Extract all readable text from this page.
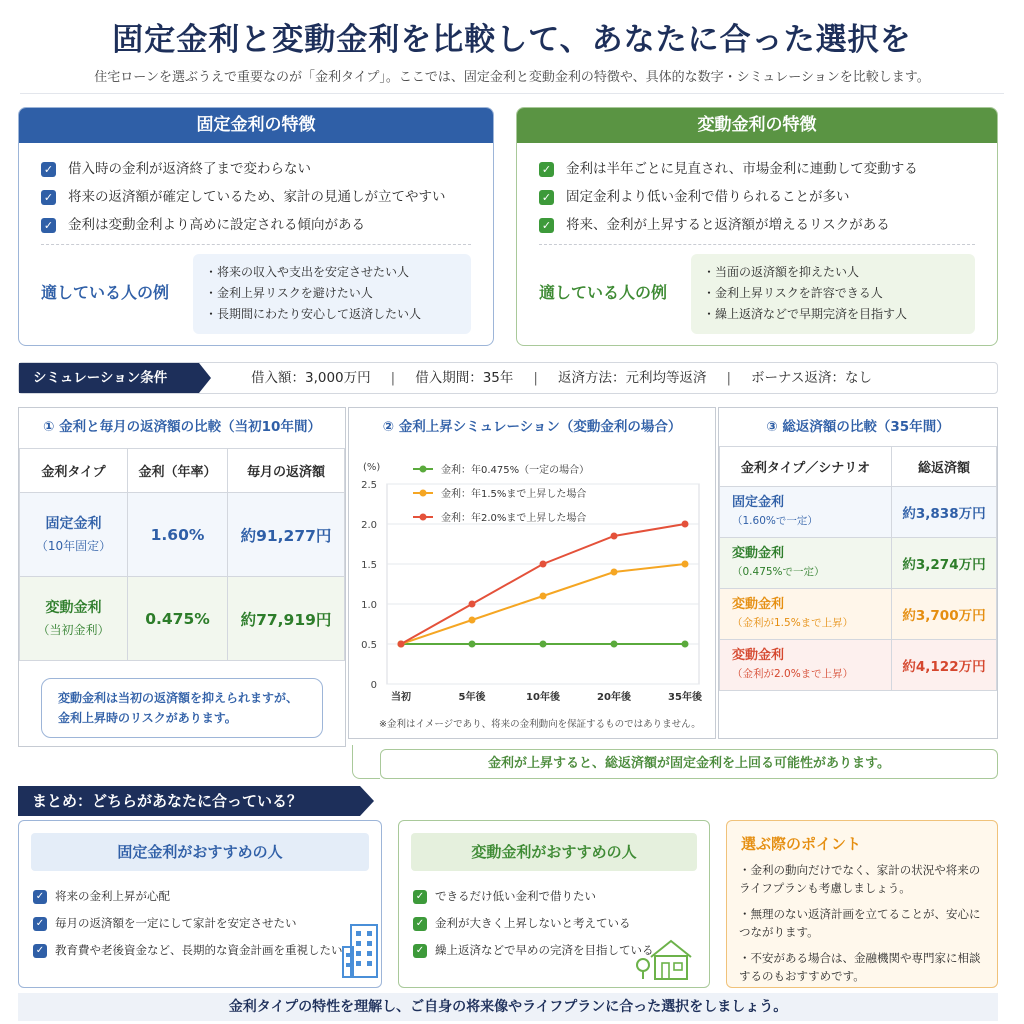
固定金利と変動金利を比較して、あなたに合った選択を
住宅ローンを選ぶうえで重要なのが「金利タイプ」。ここでは、固定金利と変動金利の特徴や、具体的な数字・シミュレーションを比較します。
固定金利の特徴
✓ 借入時の金利が返済終了まで変わらない
✓ 将来の返済額が確定しているため、家計の見通しが立てやすい
✓ 金利は変動金利より高めに設定される傾向がある
適している人の例
・将来の収入や支出を安定させたい人
・金利上昇リスクを避けたい人
・長期間にわたり安心して返済したい人
変動金利の特徴
✓ 金利は半年ごとに見直され、市場金利に連動して変動する
✓ 固定金利より低い金利で借りられることが多い
✓ 将来、金利が上昇すると返済額が増えるリスクがある
適している人の例
・当面の返済額を抑えたい人
・金利上昇リスクを許容できる人
・繰上返済などで早期完済を目指す人
シミュレーション条件	借入額：3,000万円 | 借入期間：35年 | 返済方法：元利均等返済 | ボーナス返済：なし
① 金利と毎月の返済額の比較（当初10年間）
金利タイプ	金利（年率）	毎月の返済額

固定金利
（10年固定）	1.60%	約91,277円

変動金利
（当初金利）	0.475%	約77,919円
変動金利は当初の返済額を抑えられますが、金利上昇時のリスクがあります。
② 金利上昇シミュレーション（変動金利の場合）
0
0.5
1.0
1.5
2.0
2.5
(%)
当初	5年後	10年後	20年後	35年後
金利：年0.475%（一定の場合）
金利：年1.5%まで上昇した場合
金利：年2.0%まで上昇した場合
※金利はイメージであり、将来の金利動向を保証するものではありません。
③ 総返済額の比較（35年間）
金利タイプ／シナリオ	総返済額

固定金利
（1.60%で一定）	約3,838万円

変動金利
（0.475%で一定）	約3,274万円

変動金利
（金利が1.5%まで上昇）	約3,700万円

変動金利
（金利が2.0%まで上昇）	約4,122万円
金利が上昇すると、総返済額が固定金利を上回る可能性があります。
まとめ：どちらがあなたに合っている？
固定金利がおすすめの人
✓ 将来の金利上昇が心配
✓ 毎月の返済額を一定にして家計を安定させたい
✓ 教育費や老後資金など、長期的な資金計画を重視したい
変動金利がおすすめの人
✓ できるだけ低い金利で借りたい
✓ 金利が大きく上昇しないと考えている
✓ 繰上返済などで早めの完済を目指している
選ぶ際のポイント
・金利の動向だけでなく、家計の状況や将来のライフプランも考慮しましょう。
・無理のない返済計画を立てることが、安心につながります。
・不安がある場合は、金融機関や専門家に相談するのもおすすめです。
金利タイプの特性を理解し、ご自身の将来像やライフプランに合った選択をしましょう。
